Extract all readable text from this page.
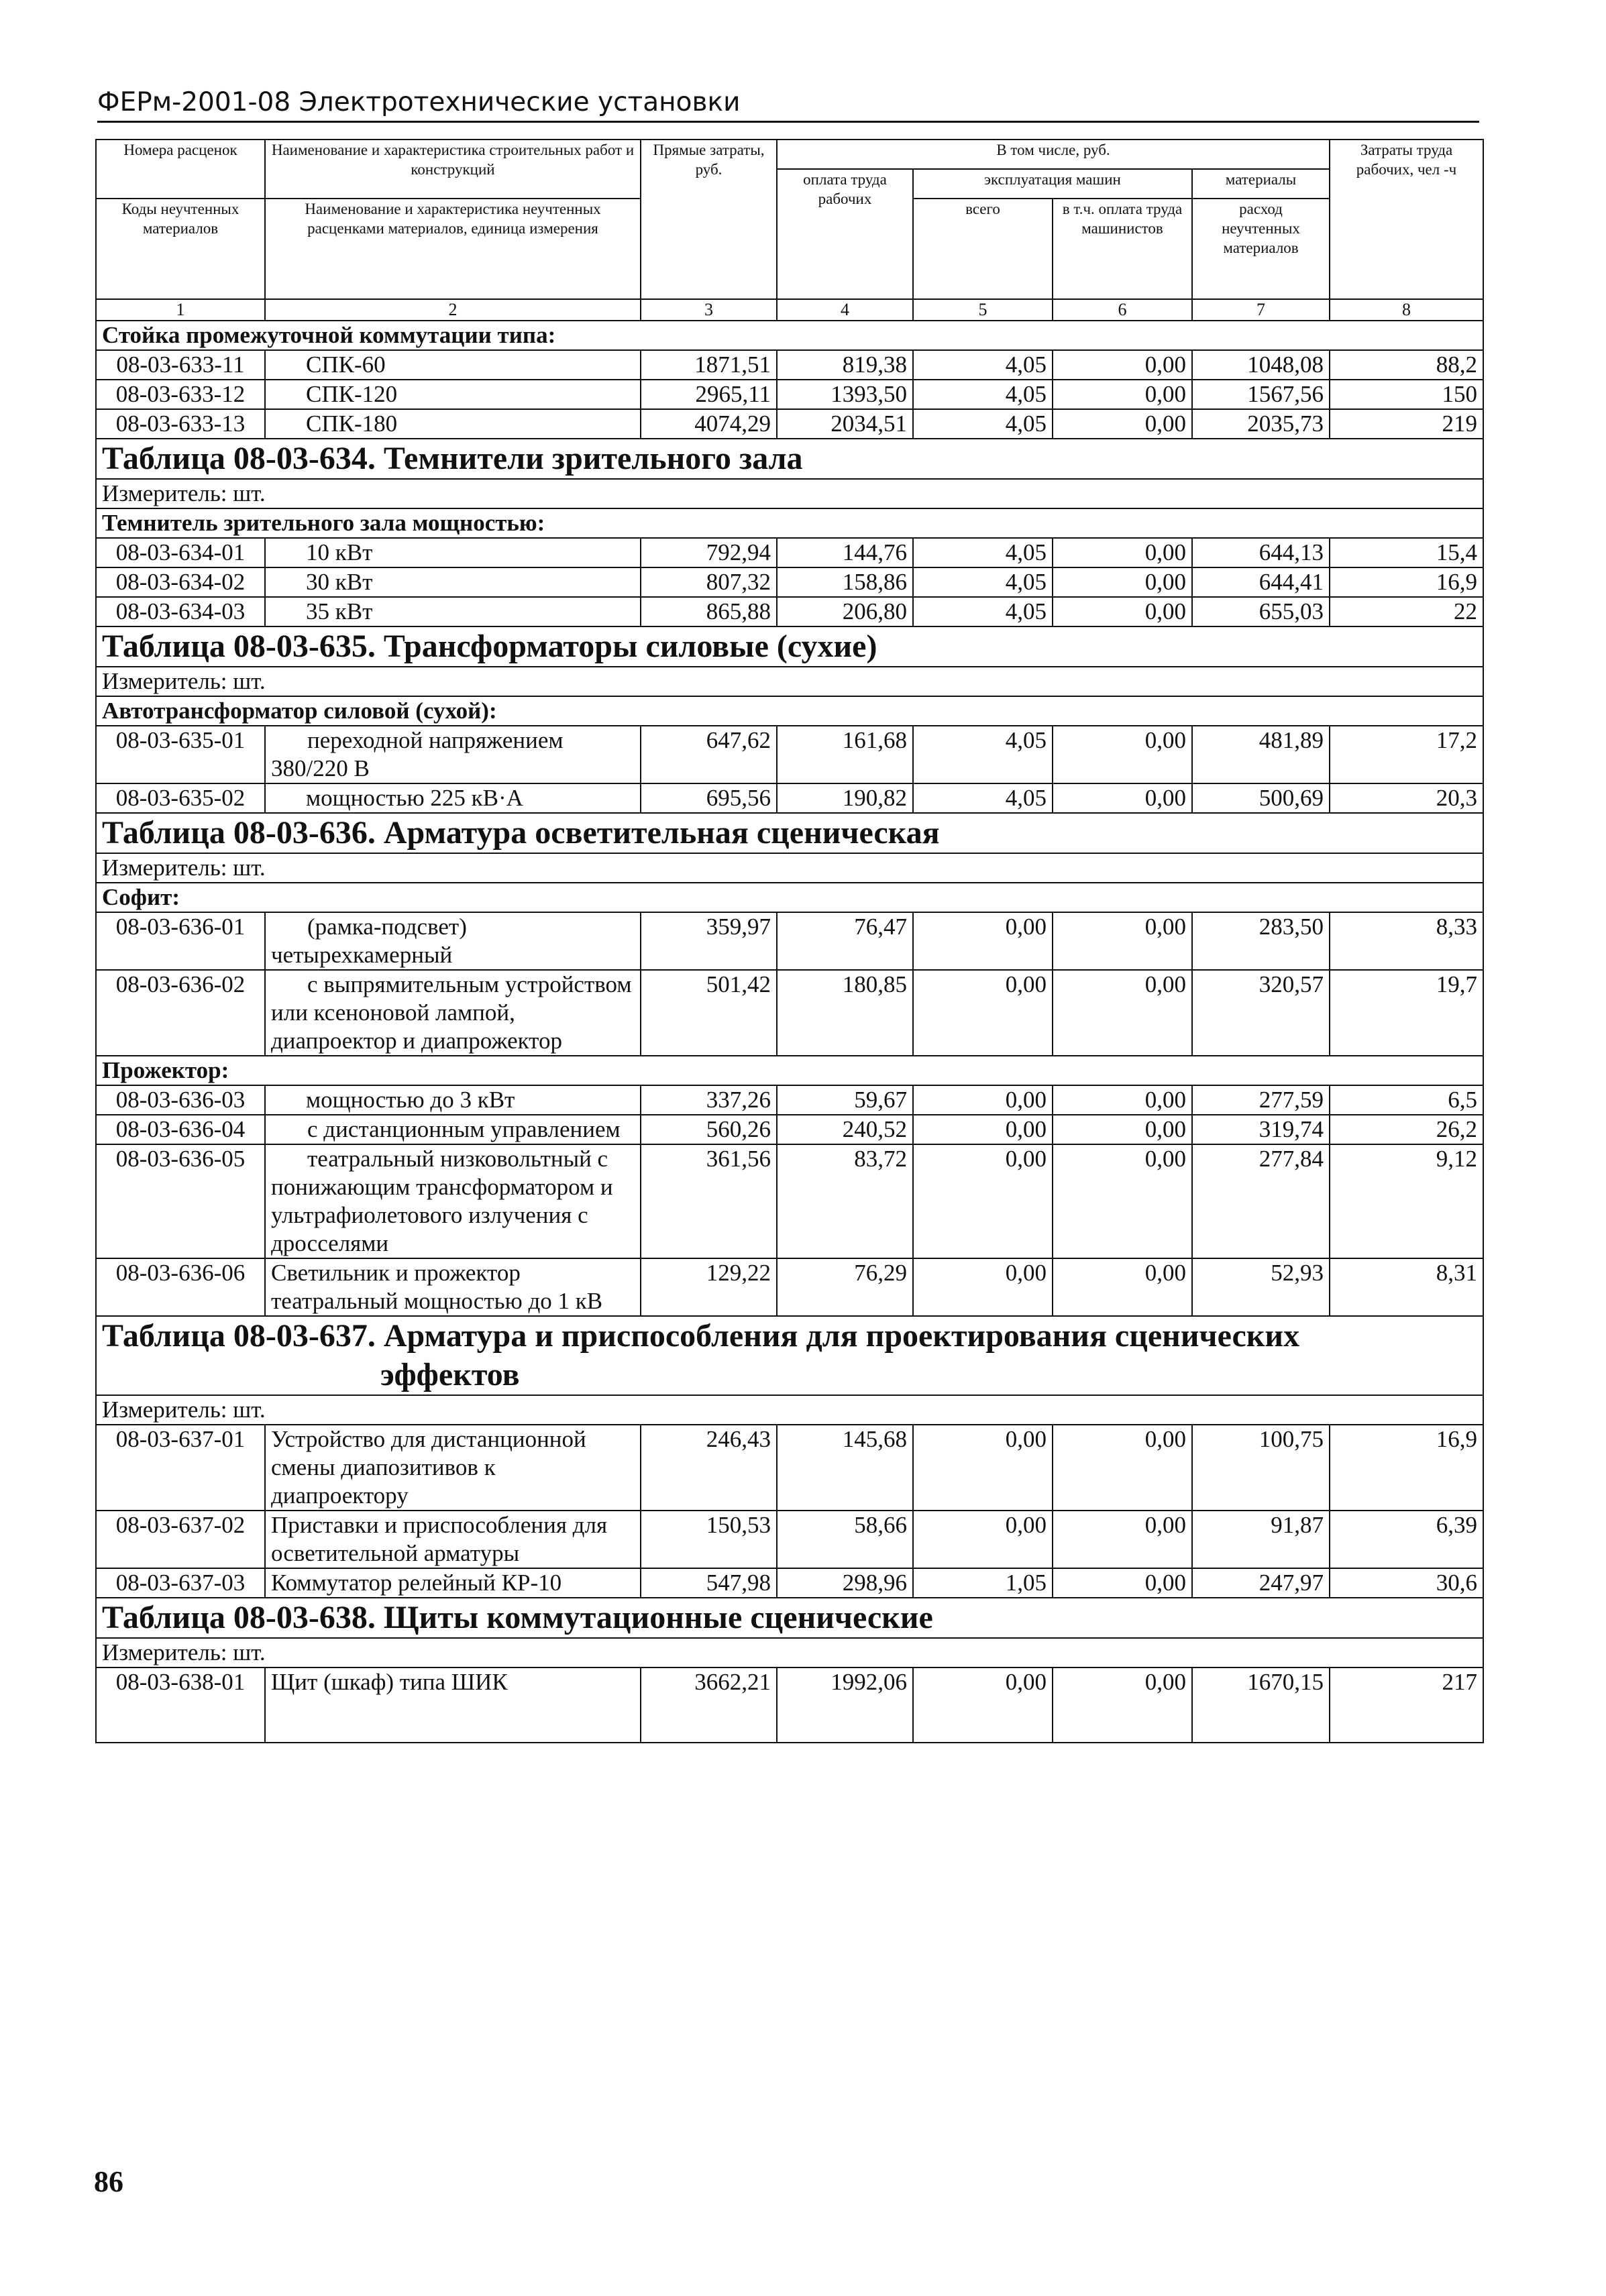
ФЕРм-2001-08 Электротехнические установки
Номера расценок	Наименование и характеристика строительных работ и конструкций	Прямые затраты, руб.	В том числе, руб.				Затраты труда рабочих, чел -ч
			оплата труда рабочих	эксплуатация машин		материалы	
Коды неучтенных материалов	Наименование и характеристика неучтенных расценками материалов, единица измерения			всего	в т.ч. оплата труда машинистов	расход неучтенных материалов	

1	2	3	4	5	6	7	8
Стойка промежуточной коммутации типа:							
08-03-633-11	СПК-60	1871,51	819,38	4,05	0,00	1048,08	88,2
08-03-633-12	СПК-120	2965,11	1393,50	4,05	0,00	1567,56	150
08-03-633-13	СПК-180	4074,29	2034,51	4,05	0,00	2035,73	219
Таблица 08-03-634. Темнители зрительного зала							
Измеритель: шт.							
Темнитель зрительного зала мощностью:							
08-03-634-01	10 кВт	792,94	144,76	4,05	0,00	644,13	15,4
08-03-634-02	30 кВт	807,32	158,86	4,05	0,00	644,41	16,9
08-03-634-03	35 кВт	865,88	206,80	4,05	0,00	655,03	22
Таблица 08-03-635. Трансформаторы силовые (сухие)							
Измеритель: шт.							
Автотрансформатор силовой (сухой):							
08-03-635-01	переходной напряжением 380/220 В	647,62	161,68	4,05	0,00	481,89	17,2
08-03-635-02	мощностью 225 кВ·А	695,56	190,82	4,05	0,00	500,69	20,3
Таблица 08-03-636. Арматура осветительная сценическая							
Измеритель: шт.							
Софит:							
08-03-636-01	(рамка-подсвет) четырехкамерный	359,97	76,47	0,00	0,00	283,50	8,33
08-03-636-02	с выпрямительным устройством или ксеноновой лампой, диапроектор и диапрожектор	501,42	180,85	0,00	0,00	320,57	19,7
Прожектор:							
08-03-636-03	мощностью до 3 кВт	337,26	59,67	0,00	0,00	277,59	6,5
08-03-636-04	с дистанционным управлением	560,26	240,52	0,00	0,00	319,74	26,2
08-03-636-05	театральный низковольтный с понижающим трансформатором и ультрафиолетового излучения с дросселями	361,56	83,72	0,00	0,00	277,84	9,12
08-03-636-06	Светильник и прожектор театральный мощностью до 1 кВ	129,22	76,29	0,00	0,00	52,93	8,31
Таблица 08-03-637. Арматура и приспособления для проектирования сценических
эффектов							

Измеритель: шт.							
08-03-637-01	Устройство для дистанционной смены диапозитивов к диапроектору	246,43	145,68	0,00	0,00	100,75	16,9
08-03-637-02	Приставки и приспособления для осветительной арматуры	150,53	58,66	0,00	0,00	91,87	6,39
08-03-637-03	Коммутатор релейный КР-10	547,98	298,96	1,05	0,00	247,97	30,6
Таблица 08-03-638. Щиты коммутационные сценические							
Измеритель: шт.							
08-03-638-01	Щит (шкаф) типа ШИК	3662,21	1992,06	0,00	0,00	1670,15	217
86
